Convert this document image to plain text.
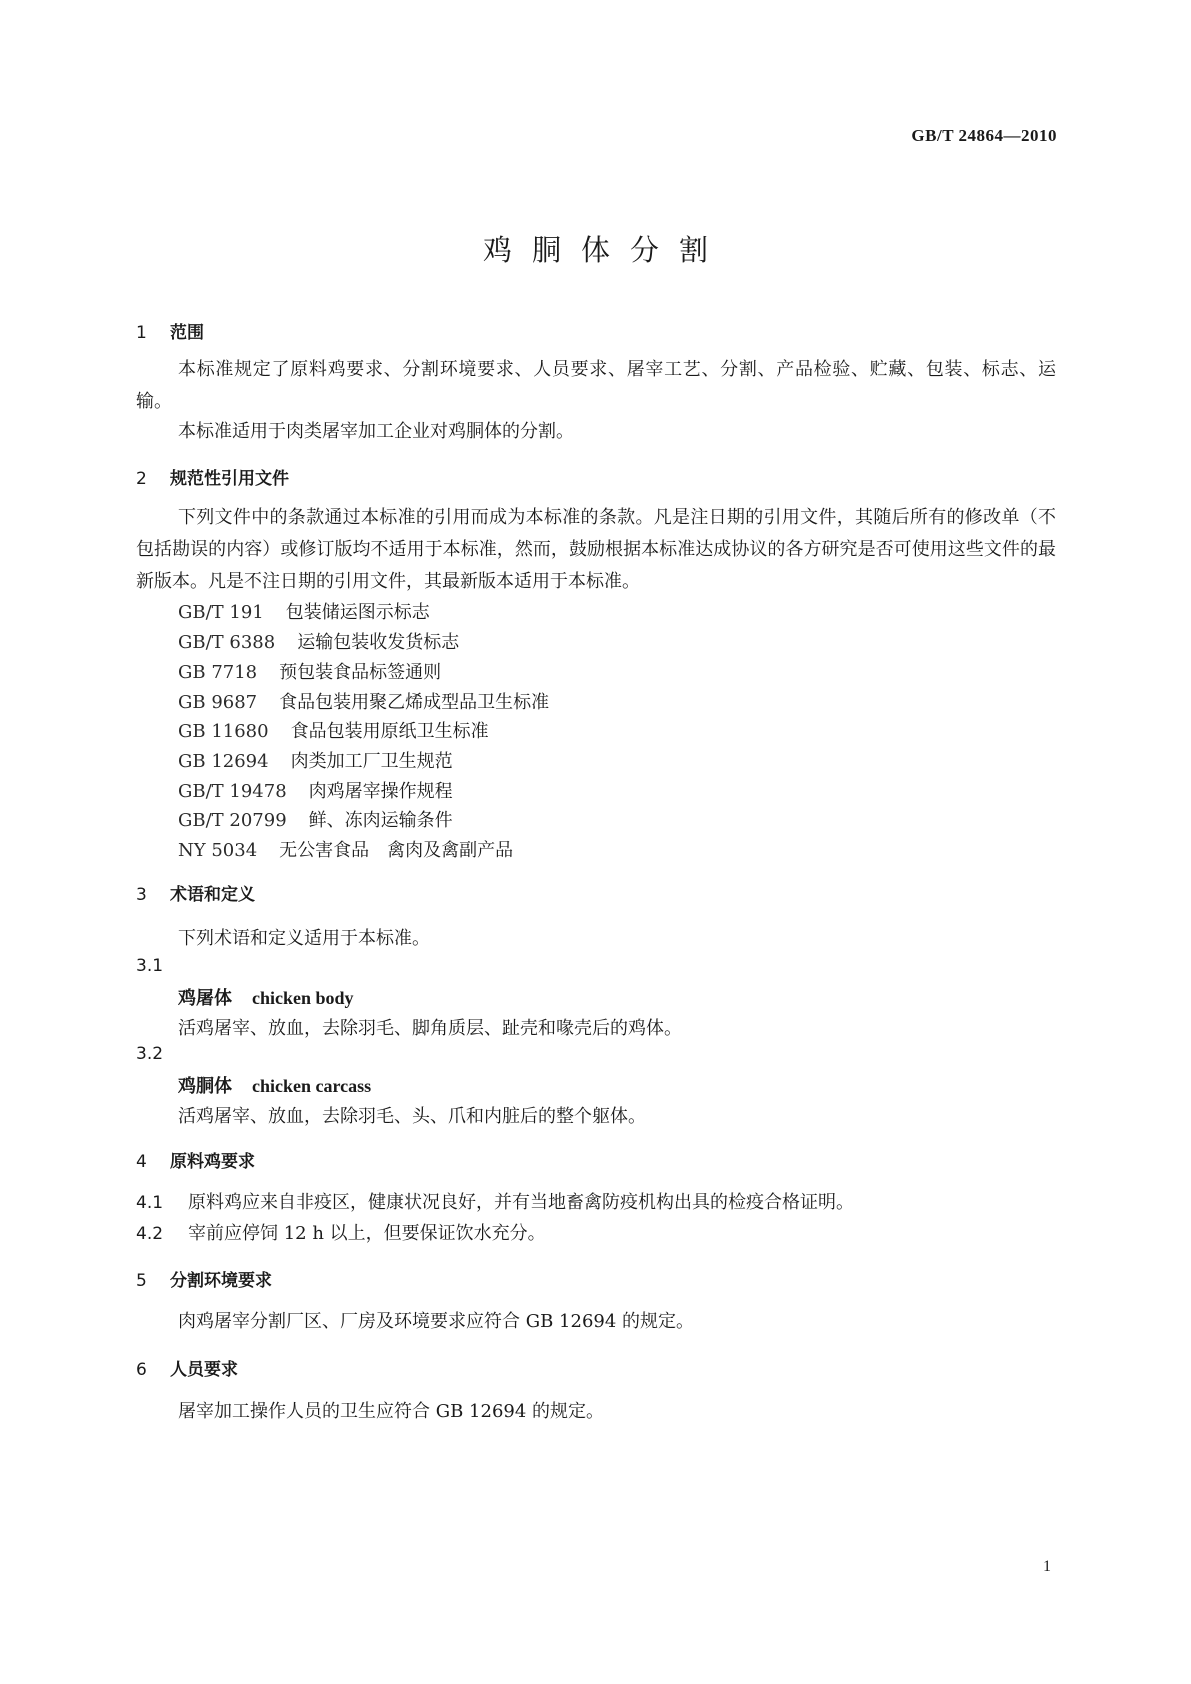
GB/T 24864—2010
鸡胴体分割
1 范围
本标准规定了原料鸡要求、分割环境要求、人员要求、屠宰工艺、分割、产品检验、贮藏、包装、标志、运输。
本标准适用于肉类屠宰加工企业对鸡胴体的分割。
2 规范性引用文件
下列文件中的条款通过本标准的引用而成为本标准的条款。凡是注日期的引用文件，其随后所有的修改单（不包括勘误的内容）或修订版均不适用于本标准，然而，鼓励根据本标准达成协议的各方研究是否可使用这些文件的最新版本。凡是不注日期的引用文件，其最新版本适用于本标准。
GB/T 191 包装储运图示标志
GB/T 6388 运输包装收发货标志
GB 7718 预包装食品标签通则
GB 9687 食品包装用聚乙烯成型品卫生标准
GB 11680 食品包装用原纸卫生标准
GB 12694 肉类加工厂卫生规范
GB/T 19478 肉鸡屠宰操作规程
GB/T 20799 鲜、冻肉运输条件
NY 5034 无公害食品　禽肉及禽副产品
3 术语和定义
下列术语和定义适用于本标准。
3.1
鸡屠体 chicken body
活鸡屠宰、放血，去除羽毛、脚角质层、趾壳和喙壳后的鸡体。
3.2
鸡胴体 chicken carcass
活鸡屠宰、放血，去除羽毛、头、爪和内脏后的整个躯体。
4 原料鸡要求
4.1 原料鸡应来自非疫区，健康状况良好，并有当地畜禽防疫机构出具的检疫合格证明。
4.2 宰前应停饲 12 h 以上，但要保证饮水充分。
5 分割环境要求
肉鸡屠宰分割厂区、厂房及环境要求应符合 GB 12694 的规定。
6 人员要求
屠宰加工操作人员的卫生应符合 GB 12694 的规定。
1
